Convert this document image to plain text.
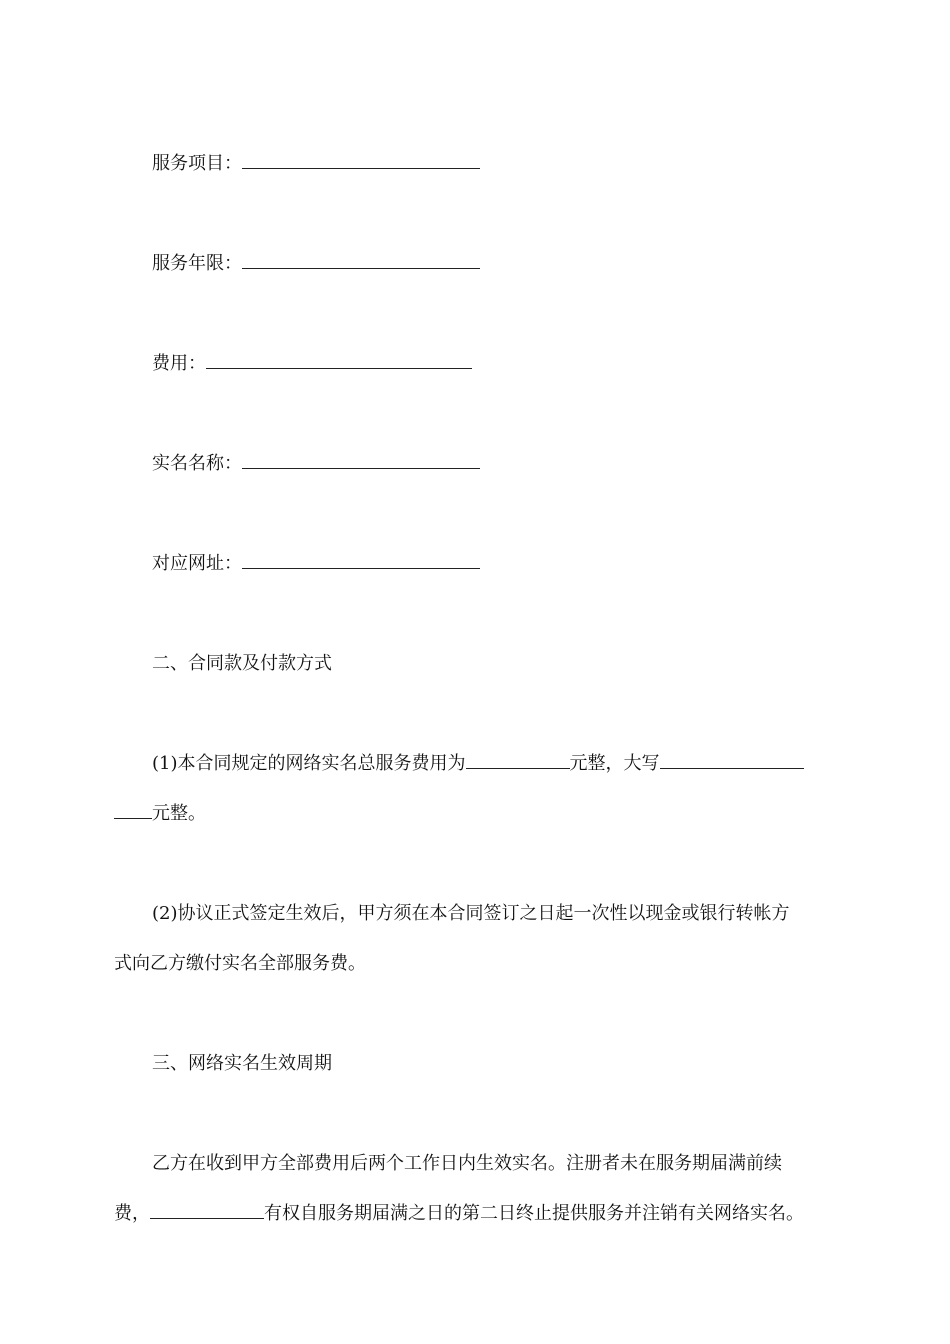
服务项目：
服务年限：
费用：
实名名称：
对应网址：
二、合同款及付款方式
(1)本合同规定的网络实名总服务费用为	元整，大写
元整。
(2)协议正式签定生效后，甲方须在本合同签订之日起一次性以现金或银行转帐方
式向乙方缴付实名全部服务费。
三、网络实名生效周期
乙方在收到甲方全部费用后两个工作日内生效实名。注册者未在服务期届满前续
费，	有权自服务期届满之日的第二日终止提供服务并注销有关网络实名。
